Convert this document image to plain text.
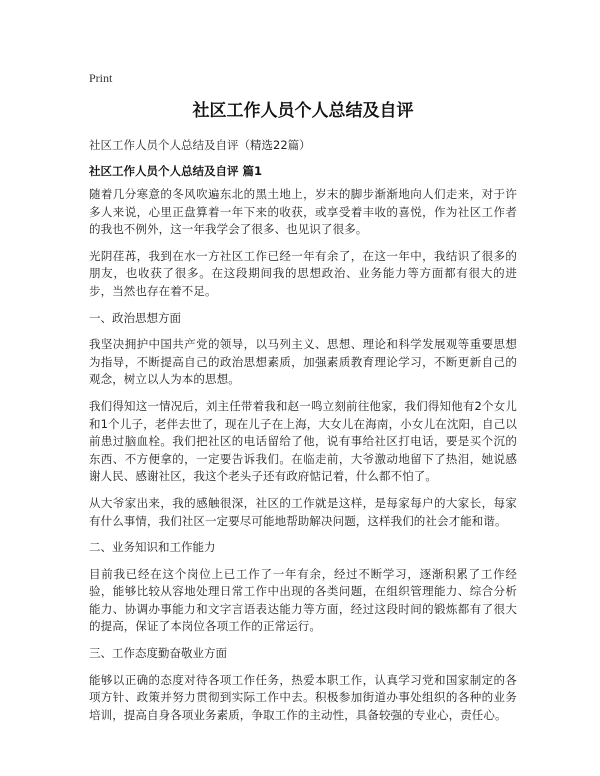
Print
社区工作人员个人总结及自评
社区工作人员个人总结及自评（精选22篇）
社区工作人员个人总结及自评 篇1

随着几分寒意的冬风吹遍东北的黑土地上，岁末的脚步渐渐地向人们走来，对于许多人来说，心里正盘算着一年下来的收获，或享受着丰收的喜悦，作为社区工作者的我也不例外，这一年我学会了很多、也见识了很多。

光阴荏苒，我到在水一方社区工作已经一年有余了，在这一年中，我结识了很多的朋友，也收获了很多。在这段期间我的思想政治、业务能力等方面都有很大的进步，当然也存在着不足。

一、政治思想方面

我坚决拥护中国共产党的领导，以马列主义、思想、理论和科学发展观等重要思想为指导，不断提高自己的政治思想素质，加强素质教育理论学习，不断更新自己的观念，树立以人为本的思想。

我们得知这一情况后，刘主任带着我和赵一鸣立刻前往他家，我们得知他有2个女儿和1个儿子，老伴去世了，现在儿子在上海，大女儿在海南，小女儿在沈阳，自己以前患过脑血栓。我们把社区的电话留给了他，说有事给社区打电话，要是买个沉的东西、不方便拿的，一定要告诉我们。在临走前，大爷激动地留下了热泪，她说感谢人民、感谢社区，我这个老头子还有政府惦记着，什么都不怕了。

从大爷家出来，我的感触很深，社区的工作就是这样，是每家每户的大家长，每家有什么事情，我们社区一定要尽可能地帮助解决问题，这样我们的社会才能和谐。

二、业务知识和工作能力

目前我已经在这个岗位上已工作了一年有余，经过不断学习，逐渐积累了工作经验，能够比较从容地处理日常工作中出现的各类问题，在组织管理能力、综合分析能力、协调办事能力和文字言语表达能力等方面，经过这段时间的锻炼都有了很大的提高，保证了本岗位各项工作的正常运行。

三、工作态度勤奋敬业方面

能够以正确的态度对待各项工作任务，热爱本职工作，认真学习党和国家制定的各项方针、政策并努力贯彻到实际工作中去。积极参加街道办事处组织的各种的业务培训，提高自身各项业务素质，争取工作的主动性，具备较强的专业心，责任心。
